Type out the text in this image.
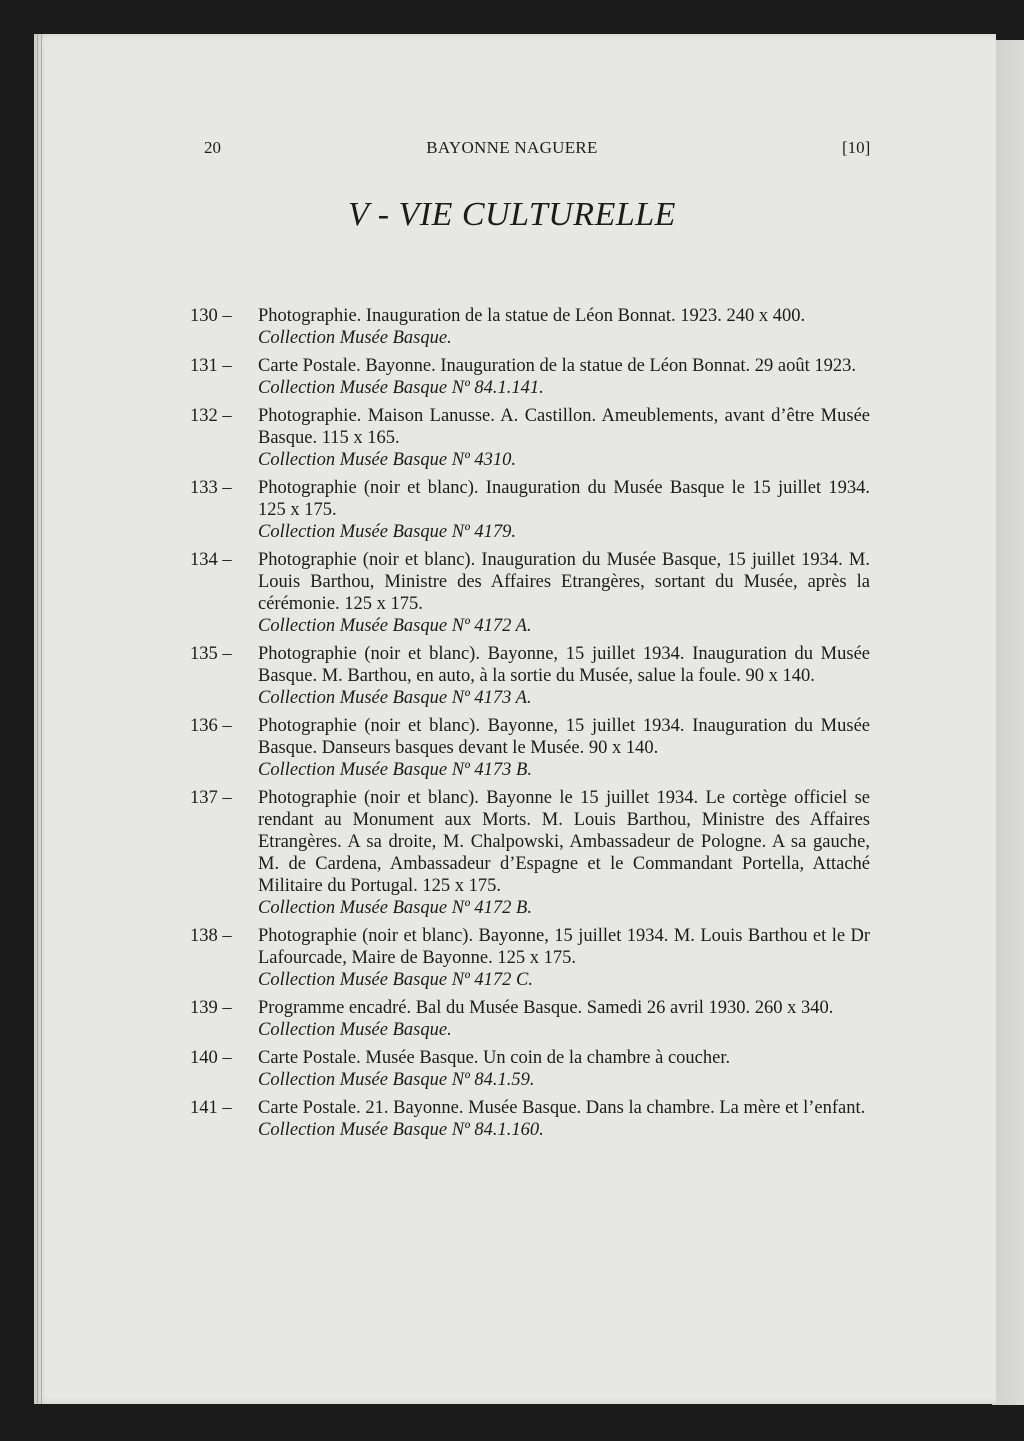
20	BAYONNE NAGUERE	[10]
V - VIE CULTURELLE
130 – Photographie. Inauguration de la statue de Léon Bonnat. 1923. 240 x 400.
Collection Musée Basque.
131 – Carte Postale. Bayonne. Inauguration de la statue de Léon Bonnat. 29 août 1923.
Collection Musée Basque Nº 84.1.141.
132 – Photographie. Maison Lanusse. A. Castillon. Ameublements, avant d’être Musée Basque. 115 x 165.
Collection Musée Basque Nº 4310.
133 – Photographie (noir et blanc). Inauguration du Musée Basque le 15 juillet 1934. 125 x 175.
Collection Musée Basque Nº 4179.
134 – Photographie (noir et blanc). Inauguration du Musée Basque, 15 juillet 1934. M. Louis Barthou, Ministre des Affaires Etrangères, sortant du Musée, après la cérémonie. 125 x 175.
Collection Musée Basque Nº 4172 A.
135 – Photographie (noir et blanc). Bayonne, 15 juillet 1934. Inauguration du Musée Basque. M. Barthou, en auto, à la sortie du Musée, salue la foule. 90 x 140.
Collection Musée Basque Nº 4173 A.
136 – Photographie (noir et blanc). Bayonne, 15 juillet 1934. Inauguration du Musée Basque. Danseurs basques devant le Musée. 90 x 140.
Collection Musée Basque Nº 4173 B.
137 – Photographie (noir et blanc). Bayonne le 15 juillet 1934. Le cortège officiel se rendant au Monument aux Morts. M. Louis Barthou, Ministre des Affaires Etrangères. A sa droite, M. Chalpowski, Ambassadeur de Pologne. A sa gauche, M. de Cardena, Ambassadeur d’Espagne et le Commandant Portella, Attaché Militaire du Portugal. 125 x 175.
Collection Musée Basque Nº 4172 B.
138 – Photographie (noir et blanc). Bayonne, 15 juillet 1934. M. Louis Barthou et le Dr Lafourcade, Maire de Bayonne. 125 x 175.
Collection Musée Basque Nº 4172 C.
139 – Programme encadré. Bal du Musée Basque. Samedi 26 avril 1930. 260 x 340.
Collection Musée Basque.
140 – Carte Postale. Musée Basque. Un coin de la chambre à coucher.
Collection Musée Basque Nº 84.1.59.
141 – Carte Postale. 21. Bayonne. Musée Basque. Dans la chambre. La mère et l’enfant.
Collection Musée Basque Nº 84.1.160.
